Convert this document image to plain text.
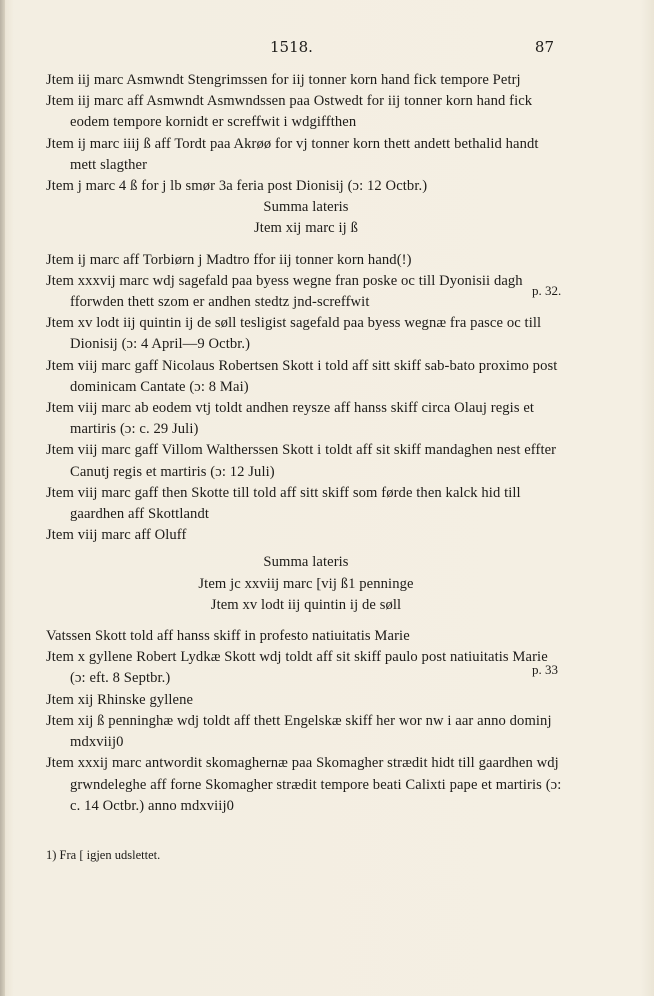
1518.	87

Jtem iij marc Asmwndt Stengrimssen for iij tonner korn hand fick tempore Petrj

Jtem iij marc aff Asmwndt Asmwndssen paa Ostwedt for iij tonner korn hand fick eodem tempore kornidt er screffwit i wdgiffthen

Jtem ij marc iiij ß aff Tordt paa Akrøø for vj tonner korn thett andett bethalid handt mett slagther

Jtem j marc 4 ß for j lb smør 3a feria post Dionisij (ɔ: 12 Octbr.)

Summa lateris

Jtem xij marc ij ß

Jtem ij marc aff Torbiørn j Madtro ffor iij tonner korn hand(!)

Jtem xxxvij marc wdj sagefald paa byess wegne fran poske oc till Dyonisii dagh fforwden thett szom er andhen stedtz jnd-screffwit

Jtem xv lodt iij quintin ij de søll tesligist sagefald paa byess wegnæ fra pasce oc till Dionisij (ɔ: 4 April—9 Octbr.)

Jtem viij marc gaff Nicolaus Robertsen Skott i told aff sitt skiff sab-bato proximo post dominicam Cantate (ɔ: 8 Mai)

Jtem viij marc ab eodem vtj toldt andhen reysze aff hanss skiff circa Olauj regis et martiris (ɔ: c. 29 Juli)

Jtem viij marc gaff Villom Waltherssen Skott i toldt aff sit skiff mandaghen nest effter Canutj regis et martiris (ɔ: 12 Juli)

Jtem viij marc gaff then Skotte till told aff sitt skiff som førde then kalck hid till gaardhen aff Skottlandt

Jtem viij marc aff Oluff

Summa lateris

Jtem jc xxviij marc [vij ß1 penninge

Jtem xv lodt iij quintin ij de søll

Vatssen Skott told aff hanss skiff in profesto natiuitatis Marie

Jtem x gyllene Robert Lydkæ Skott wdj toldt aff sit skiff paulo post natiuitatis Marie (ɔ: eft. 8 Septbr.)

Jtem xij Rhinske gyllene

Jtem xij ß penninghæ wdj toldt aff thett Engelskæ skiff her wor nw i aar anno dominj mdxviij0

Jtem xxxij marc antwordit skomaghernæ paa Skomagher strædit hidt till gaardhen wdj grwndeleghe aff forne Skomagher strædit tempore beati Calixti pape et martiris (ɔ: c. 14 Octbr.) anno mdxviij0

p. 32.
p. 33
1) Fra [ igjen udslettet.
